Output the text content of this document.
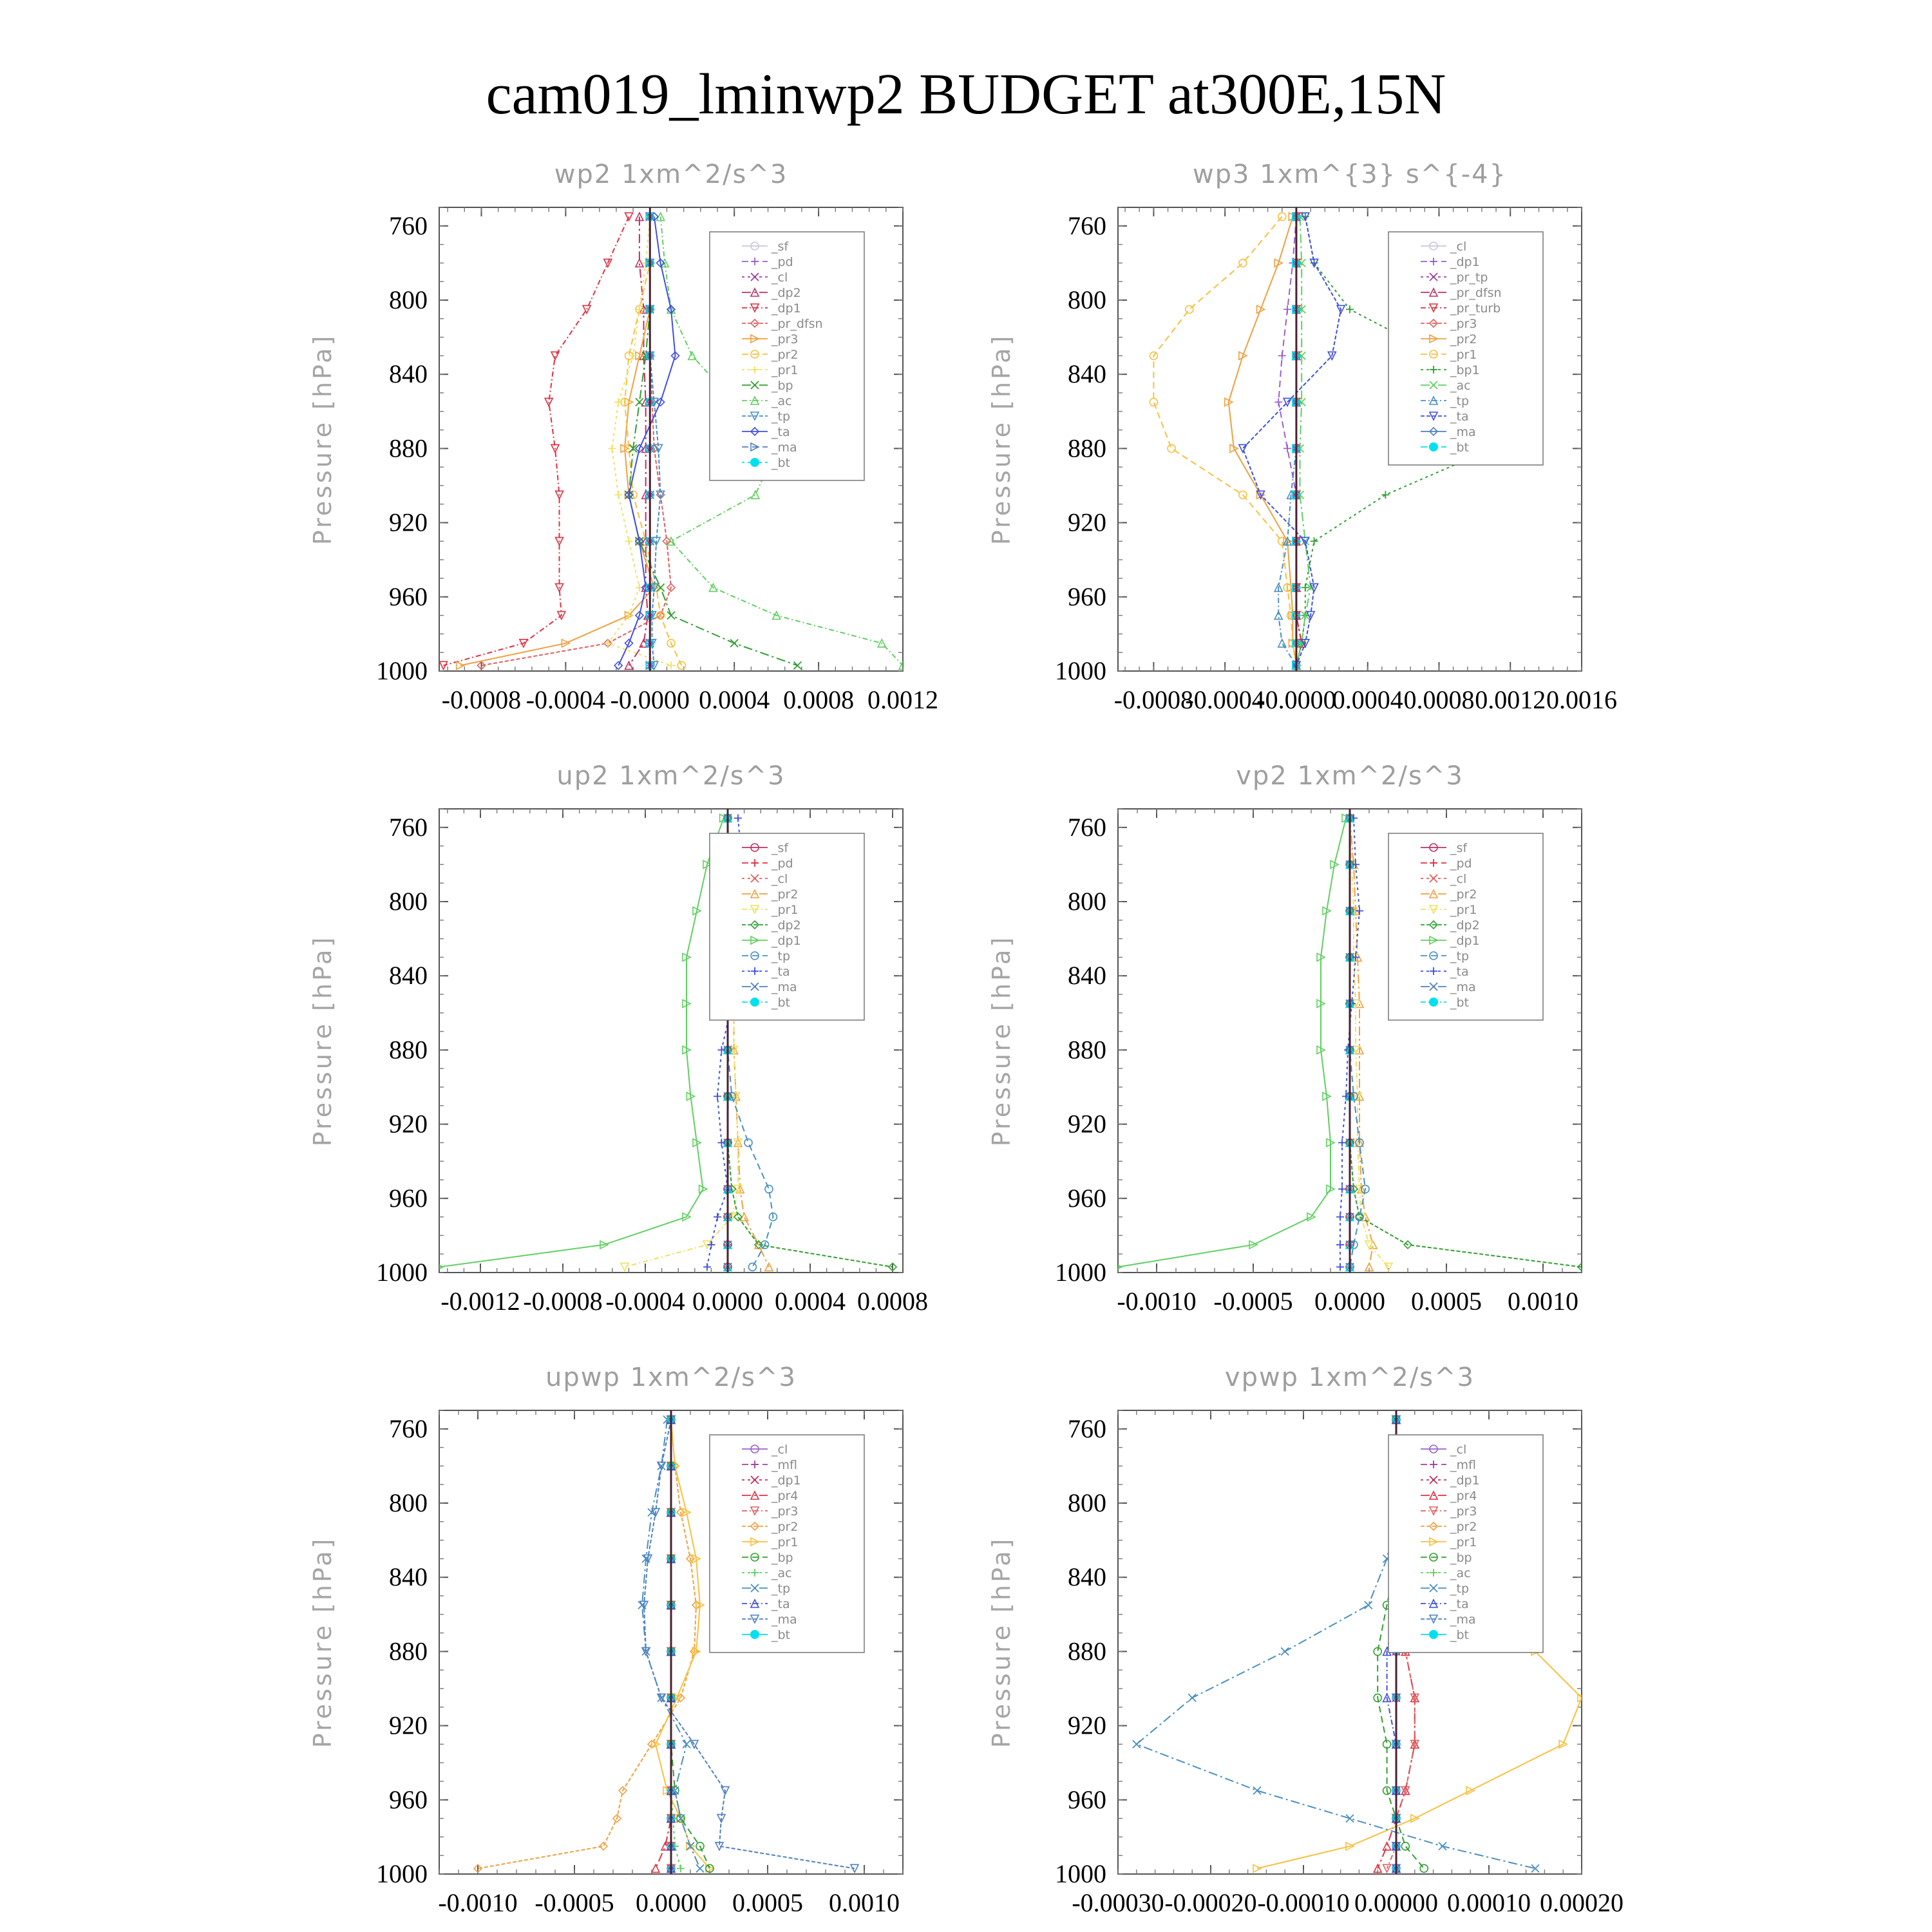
cam019_lminwp2 BUDGET at300E,15N
wp2 1xm^2/s^3
Pressure [hPa]
760
800
840
880
920
960
1000
-0.0008 -0.0004 -0.0000 0.0004 0.0008 0.0012
_sf
_pd
_cl
_dp2
_dp1
_pr_dfsn
_pr3
_pr2
_pr1
_bp
_ac
_tp
_ta
_ma
_bt
wp3 1xm^{3} s^{-4}
Pressure [hPa]
760
800
840
880
920
960
1000
-0.0008
-0.0004
-0.0000
0.0004 0.0008 0.0012 0.0016
_cl
_dp1
_pr_tp
_pr_dfsn
_pr_turb
_pr3
_pr2
_pr1
_bp1
_ac
_tp
_ta
_ma
_bt
up2 1xm^2/s^3
Pressure [hPa]
760
800
840
880
920
960
1000
-0.0012 -0.0008 -0.0004 0.0000 0.0004 0.0008
_sf
_pd
_cl
_pr2
_pr1
_dp2
_dp1
_tp
_ta
_ma
_bt
vp2 1xm^2/s^3
Pressure [hPa]
760
800
840
880
920
960
1000
-0.0010 -0.0005 0.0000 0.0005 0.0010
_sf
_pd
_cl
_pr2
_pr1
_dp2
_dp1
_tp
_ta
_ma
_bt
upwp 1xm^2/s^3
Pressure [hPa]
760
800
840
880
920
960
1000
-0.0010 -0.0005 0.0000 0.0005 0.0010
_cl
_mfl
_dp1
_pr4
_pr3
_pr2
_pr1
_bp
_ac
_tp
_ta
_ma
_bt
vpwp 1xm^2/s^3
Pressure [hPa]
760
800
840
880
920
960
1000
-0.00030 -0.00020 -0.00010 0.00000 0.00010 0.00020
_cl
_mfl
_dp1
_pr4
_pr3
_pr2
_pr1
_bp
_ac
_tp
_ta
_ma
_bt
